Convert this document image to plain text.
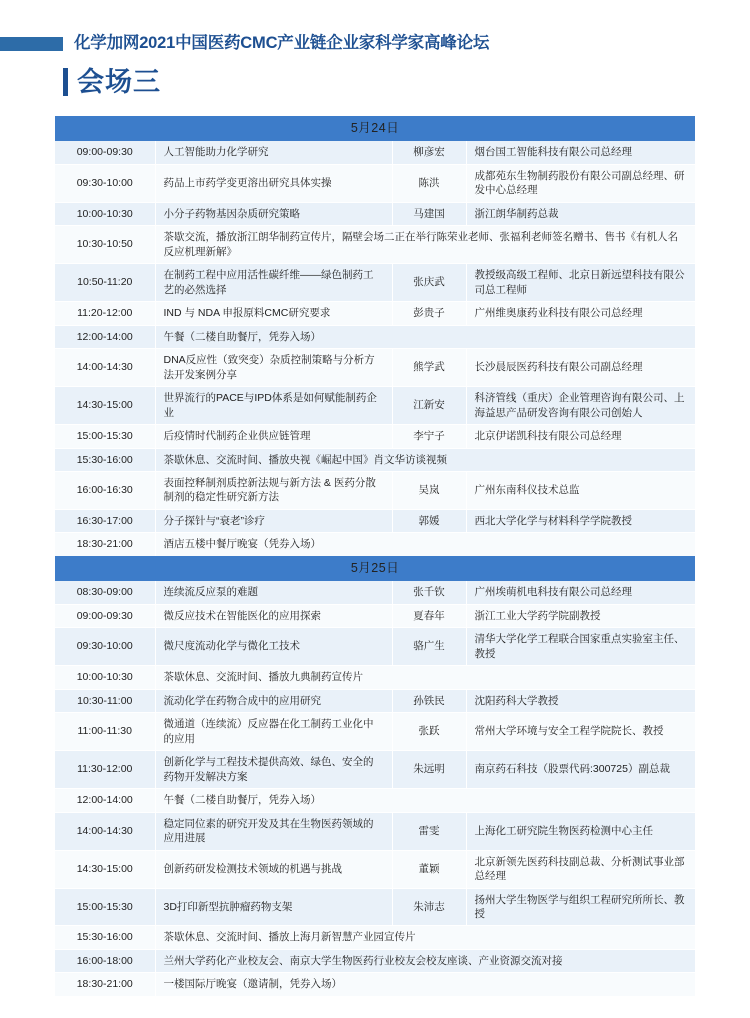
化学加网2021中国医药CMC产业链企业家科学家高峰论坛
会场三
5月24日			
09:00-09:30	人工智能助力化学研究	柳彦宏	烟台国工智能科技有限公司总经理
09:30-10:00	药品上市药学变更溶出研究具体实操	陈洪	成都苑东生物制药股份有限公司副总经理、研发中心总经理
10:00-10:30	小分子药物基因杂质研究策略	马建国	浙江朗华制药总裁
10:30-10:50	茶歇交流，播放浙江朗华制药宣传片，隔壁会场二正在举行陈荣业老师、张福利老师签名赠书、售书《有机人名反应机理新解》		
10:50-11:20	在制药工程中应用活性碳纤维——绿色制药工艺的必然选择	张庆武	教授级高级工程师、北京日新远望科技有限公司总工程师
11:20-12:00	IND 与 NDA 申报原料CMC研究要求	彭贵子	广州维奥康药业科技有限公司总经理
12:00-14:00	午餐（二楼自助餐厅，凭券入场）		
14:00-14:30	DNA反应性（致突变）杂质控制策略与分析方法开发案例分享	熊学武	长沙晨辰医药科技有限公司副总经理
14:30-15:00	世界流行的PACE与IPD体系是如何赋能制药企业	江新安	科济管线（重庆）企业管理咨询有限公司、上海益思产品研发咨询有限公司创始人
15:00-15:30	后疫情时代制药企业供应链管理	李宁子	北京伊诺凯科技有限公司总经理
15:30-16:00	茶歇休息、交流时间、播放央视《崛起中国》肖文华访谈视频		
16:00-16:30	表面控释制剂质控新法规与新方法 & 医药分散制剂的稳定性研究新方法	吴岚	广州东南科仪技术总监
16:30-17:00	分子探针与“衰老”诊疗	郭媛	西北大学化学与材料科学学院教授
18:30-21:00	酒店五楼中餐厅晚宴（凭券入场）		
5月25日			
08:30-09:00	连续流反应泵的难题	张千钦	广州埃萌机电科技有限公司总经理
09:00-09:30	微反应技术在智能医化的应用探索	夏春年	浙江工业大学药学院副教授
09:30-10:00	微尺度流动化学与微化工技术	骆广生	清华大学化学工程联合国家重点实验室主任、教授
10:00-10:30	茶歇休息、交流时间、播放九典制药宣传片		
10:30-11:00	流动化学在药物合成中的应用研究	孙铁民	沈阳药科大学教授
11:00-11:30	微通道（连续流）反应器在化工制药工业化中的应用	张跃	常州大学环境与安全工程学院院长、教授
11:30-12:00	创新化学与工程技术提供高效、绿色、安全的药物开发解决方案	朱远明	南京药石科技（股票代码:300725）副总裁
12:00-14:00	午餐（二楼自助餐厅，凭券入场）		
14:00-14:30	稳定同位素的研究开发及其在生物医药领域的应用进展	雷雯	上海化工研究院生物医药检测中心主任
14:30-15:00	创新药研发检测技术领域的机遇与挑战	董颖	北京新领先医药科技副总裁、分析测试事业部总经理
15:00-15:30	3D打印新型抗肿瘤药物支架	朱沛志	扬州大学生物医学与组织工程研究所所长、教授
15:30-16:00	茶歇休息、交流时间、播放上海月新智慧产业园宣传片		
16:00-18:00	兰州大学药化产业校友会、南京大学生物医药行业校友会校友座谈、产业资源交流对接		
18:30-21:00	一楼国际厅晚宴（邀请制，凭券入场）		
